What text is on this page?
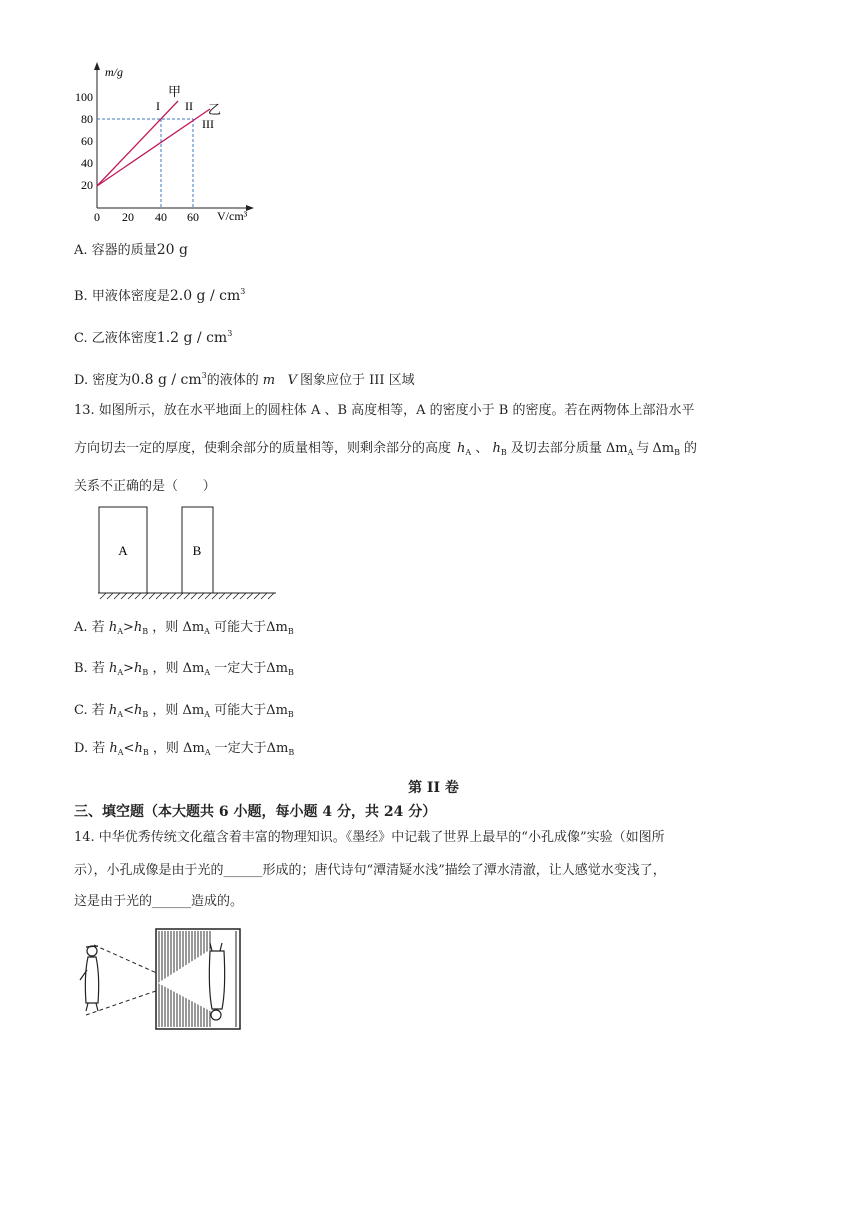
m/g
V/cm³
100
80
60
40
20
0 20 40 60
甲
I II 乙
III
A. 容器的质量20 g
B. 甲液体密度是2.0 g / $cm^3$
C. 乙液体密度1.2 g / $cm^3$
D. 密度为0.8 g / $cm^3$的液体的 m – V 图象应位于 III 区域
13. 如图所示，放在水平地面上的圆柱体 A 、B 高度相等，A 的密度小于 B 的密度。若在两物体上部沿水平
方向切去一定的厚度，使剩余部分的质量相等，则剩余部分的高度 $h_A$ 、 $h_B$ 及切去部分质量 $\Delta m_A$ 与 $\Delta m_B$ 的
关系不正确的是（      ）
A	B
A. 若 $h_A>h_B$ ，则 $\Delta m_A$ 可能大于$\Delta m_B$
B. 若 $h_A>h_B$ ，则 $\Delta m_A$ 一定大于$\Delta m_B$
C. 若 $h_A<h_B$ ，则 $\Delta m_A$ 可能大于$\Delta m_B$
D. 若 $h_A<h_B$ ，则 $\Delta m_A$ 一定大于$\Delta m_B$
第 II 卷
三、填空题（本大题共 6 小题，每小题 4 分，共 24 分）
14. 中华优秀传统文化蕴含着丰富的物理知识。《墨经》中记载了世界上最早的“小孔成像”实验（如图所
示），小孔成像是由于光的______形成的；唐代诗句“潭清疑水浅”描绘了潭水清澈，让人感觉水变浅了，
这是由于光的______造成的。
